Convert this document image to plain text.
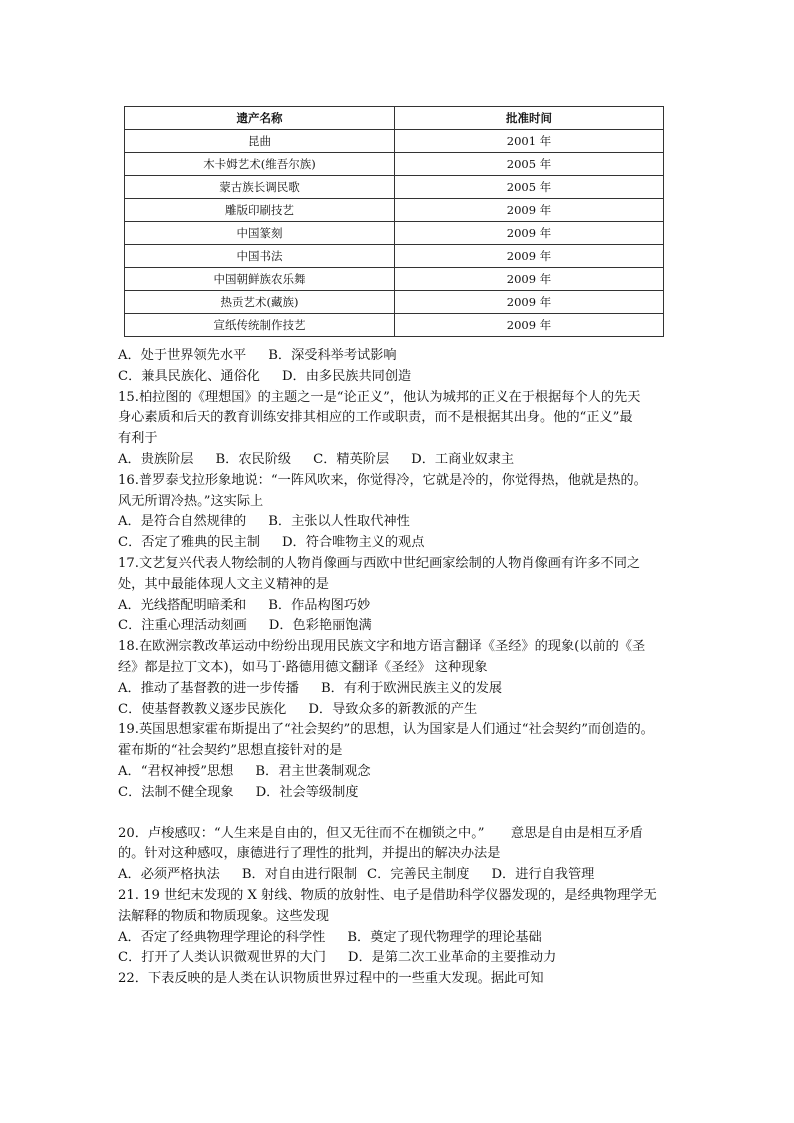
遗产名称	批准时间
昆曲	2001 年
木卡姆艺术(维吾尔族)	2005 年
蒙古族长调民歌	2005 年
雕版印刷技艺	2009 年
中国篆刻	2009 年
中国书法	2009 年
中国朝鲜族农乐舞	2009 年
热贡艺术(藏族)	2009 年
宣纸传统制作技艺	2009 年
A．处于世界领先水平 B．深受科举考试影响
C．兼具民族化、通俗化 D．由多民族共同创造
15.柏拉图的《理想国》的主题之一是“论正义”，他认为城邦的正义在于根据每个人的先天
身心素质和后天的教育训练安排其相应的工作或职责，而不是根据其出身。他的“正义”最
有利于
A．贵族阶层 B．农民阶级 C．精英阶层 D．工商业奴隶主
16.普罗泰戈拉形象地说：“一阵风吹来，你觉得冷，它就是冷的，你觉得热，他就是热的。
风无所谓冷热。”这实际上
A．是符合自然规律的 B．主张以人性取代神性
C．否定了雅典的民主制 D．符合唯物主义的观点
17.文艺复兴代表人物绘制的人物肖像画与西欧中世纪画家绘制的人物肖像画有许多不同之
处，其中最能体现人文主义精神的是
A．光线搭配明暗柔和 B．作品构图巧妙
C．注重心理活动刻画 D．色彩艳丽饱满
18.在欧洲宗教改革运动中纷纷出现用民族文字和地方语言翻译《圣经》的现象(以前的《圣
经》都是拉丁文本)，如马丁·路德用德文翻译《圣经》 这种现象
A．推动了基督教的进一步传播 B．有利于欧洲民族主义的发展
C．使基督教教义逐步民族化 D．导致众多的新教派的产生
19.英国思想家霍布斯提出了“社会契约”的思想，认为国家是人们通过“社会契约”而创造的。
霍布斯的“社会契约”思想直接针对的是
A．“君权神授”思想 B．君主世袭制观念
C．法制不健全现象 D．社会等级制度
20．卢梭感叹：“人生来是自由的，但又无往而不在枷锁之中。”　　意思是自由是相互矛盾
的。针对这种感叹，康德进行了理性的批判，并提出的解决办法是
A．必须严格执法 B．对自由进行限制 C．完善民主制度 D．进行自我管理
21. 19 世纪末发现的 X 射线、物质的放射性、电子是借助科学仪器发现的，是经典物理学无
法解释的物质和物质现象。这些发现
A．否定了经典物理学理论的科学性 B．奠定了现代物理学的理论基础
C．打开了人类认识微观世界的大门 D．是第二次工业革命的主要推动力
22．下表反映的是人类在认识物质世界过程中的一些重大发现。据此可知
